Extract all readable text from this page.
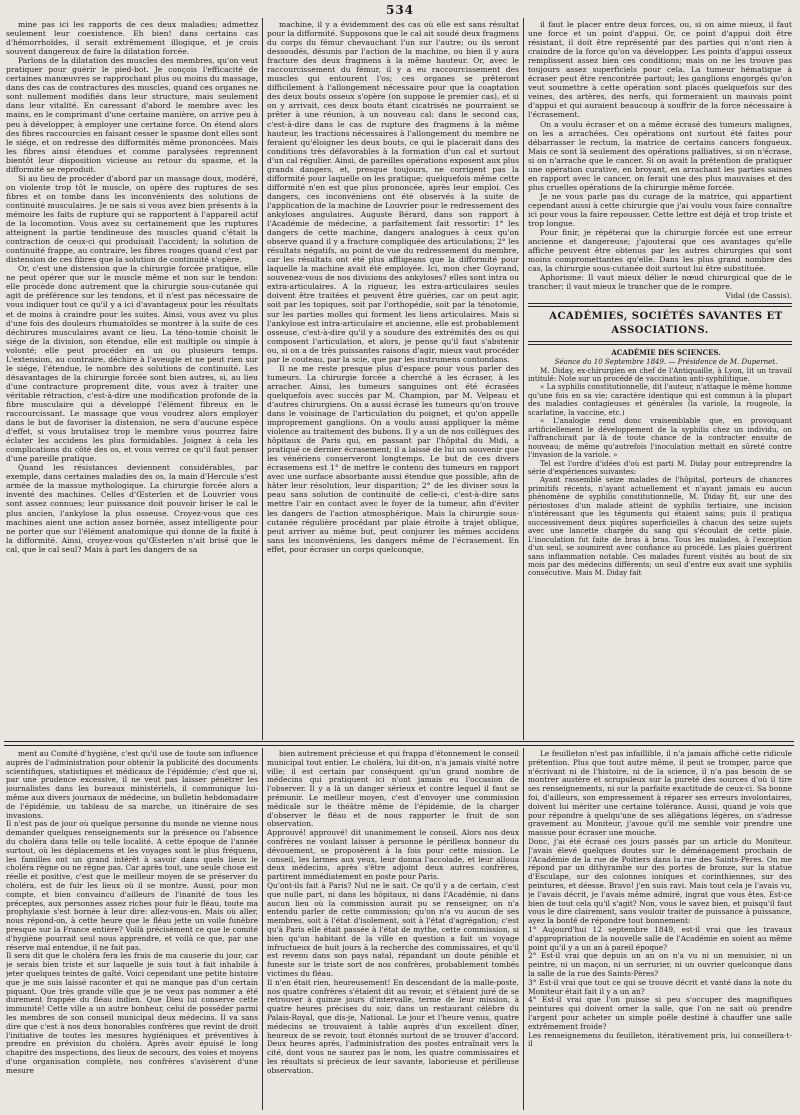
534

mine pas ici les rapports de ces deux maladies; admettez seulement leur coexistence. Eh bien! dans certains cas d'hémorrhoïdes, il serait extrêmement illogique, et je crois souvent dangereux de faire la dilatation forcée.

Parlons de la dilatation des muscles des membres, qu'on veut pratiquer pour guérir le pied-bot. Je conçois l'efficacité de certaines manœuvres se rapprochant plus ou moins du massage, dans des cas de contractures des muscles, quand ces organes ne sont nullement modifiés dans leur structure, mais seulement dans leur vitalité. En caressant d'abord le membre avec les mains, en le comprimant d'une certaine manière, on arrive peu à peu à développer, à employer une certaine force. On étend alors des fibres raccourcies en faisant cesser le spasme dont elles sont le siége, et on redresse des difformités même prononcées. Mais les fibres ainsi étendues et comme paralysées reprennent bientôt leur disposition vicieuse au retour du spasme, et la difformité se reproduit.

Si au lieu de procéder d'abord par un massage doux, modéré, on violente trop tôt le muscle, on opère des ruptures de ses fibres et on tombe dans les inconvénients des solutions de continuité musculaires. Je ne sais si vous avez bien présents à la mémoire les faits de rupture qui se rapportent à l'appareil actif de la locomotion. Vous avez su certainement que les ruptures atteignent la partie tendineuse des muscles quand c'était la contraction de ceux-ci qui produisait l'accident; la solution de continuité frappe, au contraire, les fibres rouges quand c'est par distension de ces fibres que la solution de continuité s'opère.

Or, c'est une distension que la chirurgie forcée pratique, elle ne peut opérer que sur le muscle même et non sur le tendon: elle procède donc autrement que la chirurgie sous-cutanée qui agit de préférence sur les tendons, et il n'est pas nécessaire de vous indiquer tout ce qu'il y a ici d'avantageux pour les résultats et de moins à craindre pour les suites. Ainsi, vous avez vu plus d'une fois des douleurs rhumatoïdes se montrer à la suite de ces déchirures musculaires avant ce lieu. La téno-tomie choisit le siége de la division, son étendue, elle est multiple ou simple à volonté; elle peut procéder en un ou plusieurs temps. L'extension, au contraire, déchire à l'aveugle et ne peut rien sur le siége, l'étendue, le nombre des solutions de continuité. Les désavantages de la chirurgie forcée sont bien autres, si, au lieu d'une contracture proprement dite, vous avez à traiter une véritable rétraction, c'est-à-dire une modification profonde de la fibre musculaire qui a développé l'élément fibreux en le raccourcissant. Le massage que vous voudrez alors employer dans le but de favoriser la distension, ne sera d'aucune espèce d'effet, si vous brutalisez trop le membre vous pourrez faire éclater les accidens les plus formidables. Joignez à cela les complications du côté des os, et vous verrez ce qu'il faut penser d'une pareille pratique.

Quand les résistances deviennent considérables, par exemple, dans certaines maladies des os, la main d'Hercule s'est armée de la massue mythologique. La chirurgie forcée alors a inventé des machines. Celles d'Œsterlen et de Louvrier vous sont assez connues; leur puissance doit pouvoir briser le cal le plus ancien, l'ankylose la plus osseuse. Croyez-vous que ces machines aient une action assez bornée, assez intelligente pour ne porter que sur l'élément anatomique qui donne de la fixité à la difformité. Ainsi, croyez-vous qu'Œsterlen n'ait brisé que le cal, que le cal seul? Mais à part les dangers de sa

machine, il y a évidemment des cas où elle est sans résultat pour la difformité. Supposons que le cal ait soudé deux fragmens du corps du fémur chevauchant l'un sur l'autre; ou ils seront dessoudés, désunis par l'action de la machine, ou bien il y aura fracture des deux fragmens à la même hauteur. Or, avec le raccourcissement du fémur, il y a eu raccourcissement des muscles qui entourent l'os; ces organes se prêteront difficilement à l'allongement nécessaire pour que la coaptation des deux bouts osseux s'opère (on suppose le premier cas), et si on y arrivait, ces deux bouts étant cicatrisés ne pourraient se prêter à une réunion, à un nouveau cal: dans le second cas, c'est-à-dire dans le cas de rupture des fragmens à la même hauteur, les tractions nécessaires à l'allongement du membre ne feraient qu'éloigner les deux bouts, ce qui le placerait dans des conditions très défavorables à la formation d'un cal et surtout d'un cal régulier. Ainsi, de pareilles opérations exposent aux plus grands dangers, et, presque toujours, ne corrigent pas la difformité pour laquelle on les pratique; quelquefois même cette difformité n'en est que plus prononcée, après leur emploi. Ces dangers, ces inconvéniens ont été observés à la suite de l'application de la machine de Louvrier pour le redressement des ankyloses angulaires. Auguste Bérard, dans son rapport à l'Académie de médecine, a parfaitement fait ressortir: 1° les dangers de cette machine, dangers analogues à ceux qu'on observe quand il y a fracture compliquée des articulations; 2° les résultats négatifs, au point de vue du redressement du membre, car les résultats ont été plus affligeans que la difformité pour laquelle la machine avait été employée. Ici, mon cher Goyrand, souvenez-vous de nos divisions des ankyloses? elles sont intra ou extra-articulaires. A la rigueur, les extra-articulaires seules doivent être traitées et peuvent être guéries, car on peut agir, soit par les topiques, soit par l'orthopédie, soit par la ténotomie, sur les parties molles qui forment les liens articulaires. Mais si l'ankylose est intra-articulaire et ancienne, elle est probablement osseuse, c'est-à-dire qu'il y a soudure des extrémités des os qui composent l'articulation, et alors, je pense qu'il faut s'abstenir ou, si on a de très puissantes raisons d'agir, mieux vaut procéder par le couteau, par la scie, que par les instrumens contondans.

Il ne me reste presque plus d'espace pour vous parler des tumeurs. La chirurgie forcée a cherché à les écraser, à les arracher. Ainsi, les tumeurs sanguines ont été écrasées quelquefois avec succès par M. Champion, par M. Velpeau et d'autres chirurgiens. On a aussi écrasé les tumeurs qu'on trouve dans le voisinage de l'articulation du poignet, et qu'on appelle improprement ganglions. On a voulu aussi appliquer la même violence au traitement des bubons. Il y a un de nos collègues des hôpitaux de Paris qui, en passant par l'hôpital du Midi, a pratiqué ce dernier écrasement; il a laissé de lui un souvenir que les vénériens conserveront longtemps. Le but de ces divers écrasemens est 1° de mettre le contenu des tumeurs en rapport avec une surface absorbante aussi étendue que possible, afin de hâter leur résolution, leur disparition; 2° de les diviser sous la peau sans solution de continuité de celle-ci, c'est-à-dire sans mettre l'air en contact avec le foyer de la tumeur, afin d'éviter les dangers de l'action atmosphérique. Mais la chirurgie sous-cutanée régulière procédant par plaie étroite à trajet oblique, peut arriver au même but, peut conjurer les mêmes accidens sans les inconvéniens, les dangers même de l'écrasement. En effet, pour écraser un corps quelconque,

il faut le placer entre deux forces, ou, si on aime mieux, il faut une force et un point d'appui. Or, ce point d'appui doit être résistant, il doit être représenté par des parties qui n'ont rien à craindre de la force qu'on va développer. Les points d'appui osseux remplissent assez bien ces conditions; mais on ne les trouve pas toujours assez superficiels pour cela. La tumeur hématique à écraser peut être rencontrée partout; les ganglions engorgés qu'on veut soumettre à cette opération sont placés quelquefois sur des veines, des artères, des nerfs, qui formeraient un mauvais point d'appui et qui auraient beaucoup à souffrir de la force nécessaire à l'écrasement.

On a voulu écraser et on a même écrasé des tumeurs malignes, on les a arrachées. Ces opérations ont surtout été faites pour débarrasser le rectum, la matrice de certains cancers fongueux. Mais ce sont là seulement des opérations palliatives, si on n'écrase, si on n'arrache que le cancer. Si on avait la prétention de pratiquer une opération curative, en broyant, en arrachant les parties saines en rapport avec le cancer, on ferait une des plus mauvaises et des plus cruelles opérations de la chirurgie même forcée.

Je ne vous parle pas du curage de la matrice, qui appartient cependant aussi à cette chirurgie que j'ai voulu vous faire connaître ici pour vous la faire repousser. Cette lettre est déjà et trop triste et trop longue.

Pour finir, je répéterai que la chirurgie forcée est une erreur ancienne et dangereuse; j'ajouterai que ces avantages qu'elle affiche peuvent être obtenus par les autres chirurgies qui sont moins compromettantes qu'elle. Dans les plus grand nombre des cas, la chirurgie sous-cutanée doit surtout lui être substituée.

Aphorisme: Il vaut mieux délier le nœud chirurgical que de le trancher; il vaut mieux le trancher que de le rompre.

Vidal (de Cassis).

ACADÉMIES, SOCIÉTÉS SAVANTES ET ASSOCIATIONS.

ACADÉMIE DES SCIENCES.

Séance du 10 Septembre 1849. — Présidence de M. Dupernet.

M. Diday, ex-chirurgien en chef de l'Antiquaille, à Lyon, lit un travail intitulé: Note sur un procédé de vaccination anti-syphilitique.

« La syphilis constitutionnelle, dit l'auteur, n'attaque le même homme qu'une fois en sa vie; caractère identique qui est commun à la plupart des maladies contagieuses et générales (la variole, la rougeole, la scarlatine, la vaccine, etc.)

« L'analogie rend donc vraisemblable que, en provoquant artificiellement le développement de la syphilis chez un individu, on l'affranchirait par là de toute chance de la contracter ensuite de nouveau; de même qu'autrefois l'inoculation mettait en sûreté contre l'invasion de la variole. »

Tel est l'ordre d'idées d'où est parti M. Diday pour entreprendre la série d'expériences suivantes:

Ayant rassemblé seize malades de l'hôpital, porteurs de chancres primitifs récents, n'ayant actuellement et n'ayant jamais eu aucun phénomène de syphilis constitutionnelle, M. Diday fit, sur une des périostoses d'un malade atteint de syphilis tertiaire, une incision n'intéressant que les téguments qui étaient sains; puis il pratiqua successivement deux piqûres superficielles à chacun des seize sujets avec une lancette chargée du sang qui s'écoulait de cette plaie. L'inoculation fut faite de bras à bras. Tous les malades, à l'exception d'un seul, se soumirent avec confiance au procédé. Les plaies guérirent sans inflammation notable. Ces malades furent visités au bout de six mois par des médecins différents; un seul d'entre eux avait une syphilis consécutive. Mais M. Diday fait

ment au Comité d'hygiène, c'est qu'il use de toute son influence auprès de l'administration pour obtenir la publicité des documents scientifiques, statistiques et médicaux de l'épidémie; c'est que si, par une prudence excessive, il ne veut pas laisser pénétrer les journalistes dans les bureaux ministériels, il communique lui-même aux divers journaux de médecine, un bulletin hebdomadaire de l'épidémie, un tableau de sa marche, un itinéraire de ses invasions.
Il n'est pas de jour où quelque personne du monde ne vienne nous demander quelques renseignements sur la présence ou l'absence du choléra dans telle ou telle localité. A cette époque de l'année surtout, où les déplacemens et les voyages sont le plus fréquens, les familles ont un grand intérêt à savoir dans quels lieux le choléra règne ou ne règne pas. Car après tout, une seule chose est réelle et positive, c'est que le meilleur moyen de se préserver du choléra, est de fuir les lieux où il se montre. Aussi, pour mon compte, et bien convaincu d'ailleurs de l'inanité de tous les préceptes, aux personnes assez riches pour fuir le fléau, toute ma prophylaxie s'est bornée à leur dire: allez-vous-en. Mais où aller, nous répond-on, à cette heure que le fléau jette un voile funèbre presque sur la France entière? Voilà précisément ce que le comité d'hygiène pourrait seul nous apprendre, et voilà ce que, par une réserve mal entendue, il ne fait pas.
Il sera dit que le choléra fera les frais de ma causerie du jour, car je serais bien triste et sur laquelle je suis tout à fait inhabile à jeter quelques teintes de gaîté. Voici cependant une petite histoire que je me suis laissé raconter et qui ne manque pas d'un certain piquant. Que très grande ville que je ne veux pas nommer a été durement frappée du fléau indien. Que Dieu lui conserve cette immunité! Cette ville a un autre bonheur, celui de posséder parmi les membres de son conseil municipal deux médecins. Il va sans dire que c'est à nos deux honorables confrères que revint de droit l'initiative de toutes les mesures hygiéniques et préventives à prendre en prévision du choléra. Après avoir épuisé le long chapitre des inspections, des lieux de secours, des voies et moyens d'une organisation complète, nos confrères s'avisèrent d'une mesure

bien autrement précieuse et qui frappa d'étonnement le conseil municipal tout entier. Le choléra, lui dit-on, n'a jamais visité notre ville; il est certain par conséquent qu'un grand nombre de médecins qui pratiquent ici n'ont jamais eu l'occasion de l'observer. Il y a là un danger sérieux et contre lequel il faut se prémunir. Le meilleur moyen, c'est d'envoyer une commission médicale sur le théâtre même de l'épidémie, de la charger d'observer le fléau et de nous rapporter le fruit de son observation.
Approuvé! approuvé! dit unanimement le conseil. Alors nos deux confrères ne voulant laisser à personne le périlleux honneur du dévouement, se proposèrent à la fois pour cette mission. Le conseil, les larmes aux yeux, leur donna l'accolade, et leur alloua deux médecins, après s'être adjoint deux autres confrères, partirent immédiatement en poste pour Paris.
Qu'ont-ils fait à Paris? Nul ne le sait. Ce qu'il y a de certain, c'est que nulle part, ni dans les hôpitaux, ni dans l'Académie, ni dans aucun lieu où la commission aurait pu se renseigner, on n'a entendu parler de cette commission; qu'on n'a vu aucun de ses membres, soit à l'état d'isolement, soit à l'état d'agrégation; c'est qu'à Paris elle était passée à l'état de mythe, cette commission, si bien qu'un habitant de la ville en question a fait un voyage infructueux de huit jours à la recherche des commissaires, et qu'il est revenu dans son pays natal, répandant un doute pénible et funeste sur le triste sort de nos confrères, probablement tombés victimes du fléau.
Il n'en était rien, heureusement! En descendant de la malle-poste, nos quatre confrères s'étaient dit au revoir, et s'étaient juré de se retrouver à quinze jours d'intervalle, terme de leur mission, à quatre heures précises du soir, dans un restaurant célèbre du Palais-Royal, que dis-je, National. Le jour et l'heure venus, quatre médecins se trouvaient à table auprès d'un excellent dîner, heureux de se revoir, tout étonnés surtout de se trouver d'accord. Deux heures après, l'administration des postes entraînait vers la cité, dont vous ne saurez pas le nom, les quatre commissaires et les résultats si précieux de leur savante, laborieuse et périlleuse observation.

Le feuilleton n'est pas infaillible, il n'a jamais affiché cette ridicule prétention. Plus que tout autre même, il peut se tromper, parce que n'écrivant ni de l'histoire, ni de la science, il n'a pas besoin de se montrer austère et scrupuleux sur la pureté des sources d'où il tire ses renseignements, ni sur la parfaite exactitude de ceux-ci. Sa bonne foi, d'ailleurs, son empressement à réparer ses erreurs involontaires, doivent lui mériter une certaine tolérance. Aussi, quand je vois que pour répondre à quelqu'une de ses allégations légères, on s'adresse gravement au Moniteur, j'avoue qu'il me semble voir prendre une massue pour écraser une mouche.
Donc, j'ai été écrasé ces jours passés par un article du Moniteur. J'avais élevé quelques doutes sur le déménagement prochain de l'Académie de la rue de Poitiers dans la rue des Saints-Pères. On me répond par un dithyrambe sur des portes de bronze, sur la statue d'Esculape, sur des colonnes ioniques et corinthiennes, sur des peintures, et déesse. Bravo! j'en suis ravi. Mais tout cela je l'avais vu, je l'avais décrit, je l'avais même admiré, ingrat que vous êtes. Est-ce bien de tout cela qu'il s'agit? Non, vous le savez bien, et puisqu'il faut vous le dire clairement, sans vouloir traiter de puissance à puissance, ayez la bonté de répondre tout bonnement:
1° Aujourd'hui 12 septembre 1849, est-il vrai que les travaux d'appropriation de la nouvelle salle de l'Académie en soient au même point qu'il y a un an à pareil époque?
2° Est-il vrai que depuis un an on n'a vu ni un menuisier, ni un peintre, ni un maçon, ni un serrurier, ni un ouvrier quelconque dans la salle de la rue des Saints-Pères?
3° Est-il vrai que tout ce qui se trouve décrit et vanté dans la note du Moniteur était fait il y a un an?
4° Est-il vrai que l'on puisse si peu s'occuper des magnifiques peintures qui doivent orner la salle, que l'on ne sait où prendre l'argent pour acheter un simple poêle destiné à chauffer une salle extrêmement froide?
Les renseignemens du feuilleton, itérativement pris, lui conseillera-t-il
